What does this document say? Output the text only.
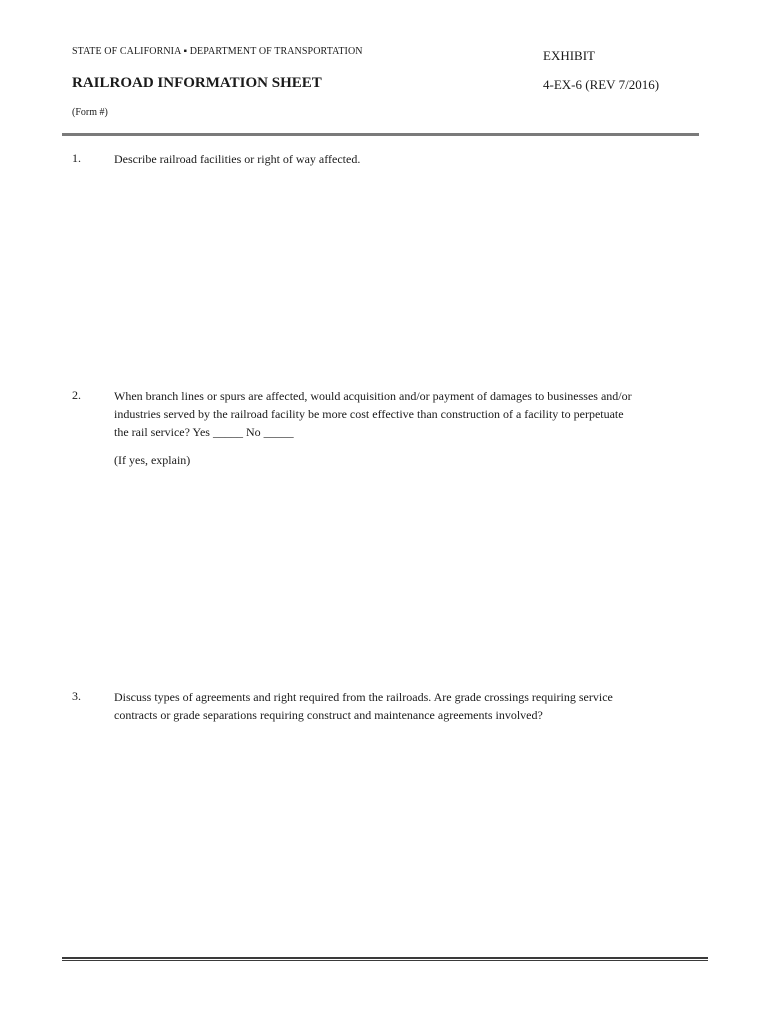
STATE OF CALIFORNIA ▪ DEPARTMENT OF TRANSPORTATION	EXHIBIT
RAILROAD INFORMATION SHEET	4-EX-6 (REV 7/2016)
(Form #)
1.	Describe railroad facilities or right of way affected.
2.	When branch lines or spurs are affected, would acquisition and/or payment of damages to businesses and/or
industries served by the railroad facility be more cost effective than construction of a facility to perpetuate
the rail service? Yes _____ No _____
(If yes, explain)
3.	Discuss types of agreements and right required from the railroads. Are grade crossings requiring service
contracts or grade separations requiring construct and maintenance agreements involved?
